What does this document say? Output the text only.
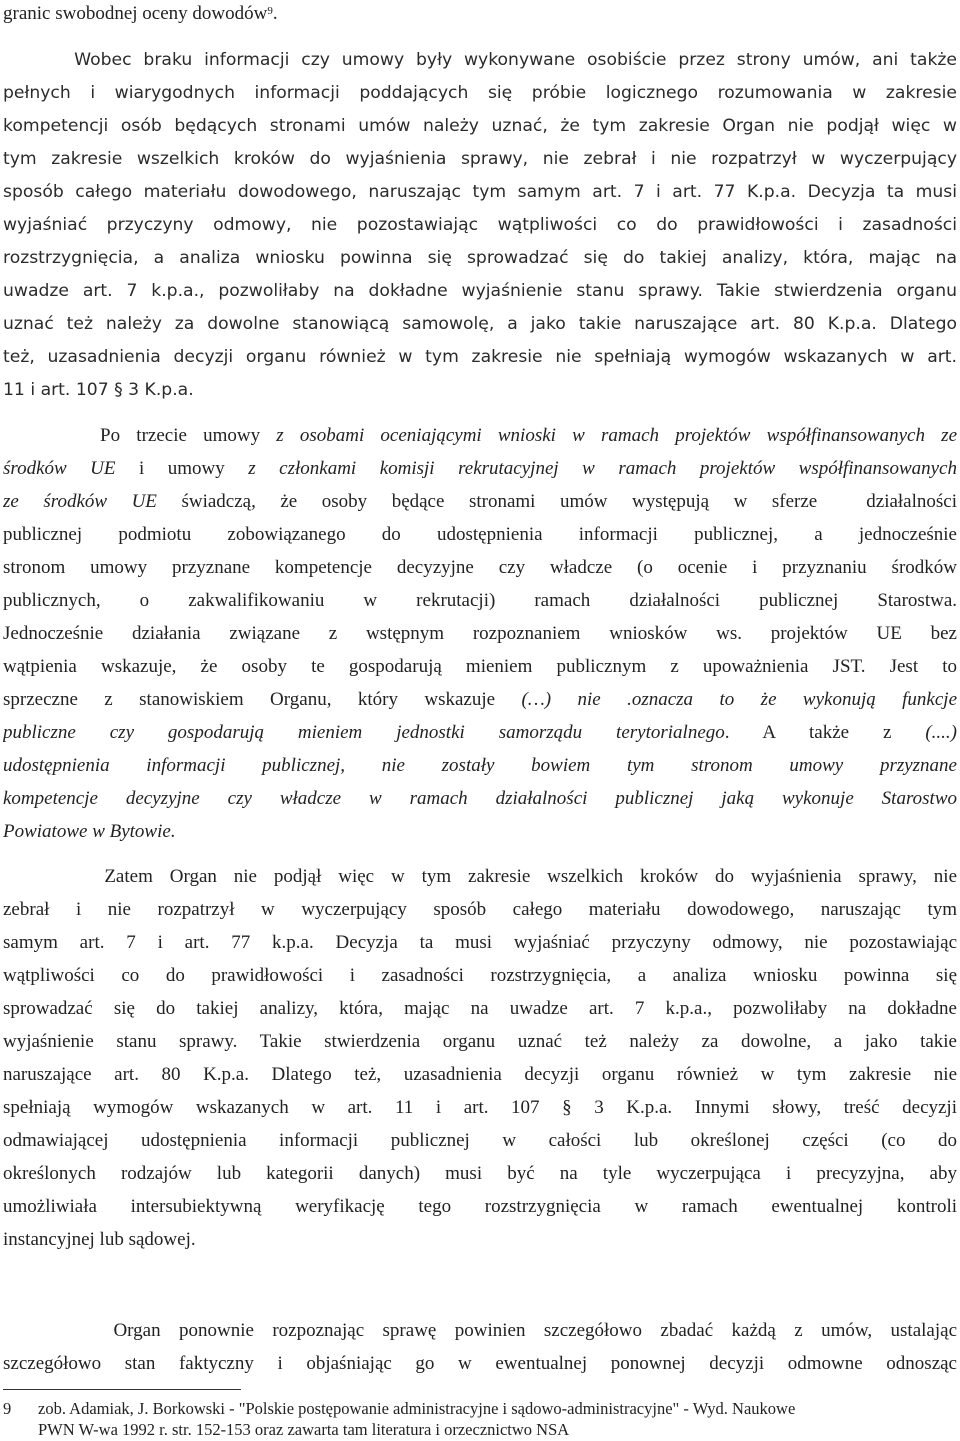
granic swobodnej oceny dowodów$^9$.
Wobec braku informacji czy umowy były wykonywane osobiście przez strony umów, ani także
pełnych i wiarygodnych informacji poddających się próbie logicznego rozumowania w zakresie
kompetencji osób będących stronami umów należy uznać, że tym zakresie Organ nie podjął więc w
tym zakresie wszelkich kroków do wyjaśnienia sprawy, nie zebrał i nie rozpatrzył w wyczerpujący
sposób całego materiału dowodowego, naruszając tym samym art. 7 i art. 77 K.p.a. Decyzja ta musi
wyjaśniać przyczyny odmowy, nie pozostawiając wątpliwości co do prawidłowości i zasadności
rozstrzygnięcia, a analiza wniosku powinna się sprowadzać się do takiej analizy, która, mając na
uwadze art. 7 k.p.a., pozwoliłaby na dokładne wyjaśnienie stanu sprawy. Takie stwierdzenia organu
uznać też należy za dowolne stanowiącą samowolę, a jako takie naruszające art. 80 K.p.a. Dlatego
też, uzasadnienia decyzji organu również w tym zakresie nie spełniają wymogów wskazanych w art.
11 i art. 107 § 3 K.p.a.
Po trzecie umowy z osobami oceniającymi wnioski w ramach projektów współfinansowanych ze
środków UE i umowy z członkami komisji rekrutacyjnej w ramach projektów współfinansowanych
ze środków UE świadczą, że osoby będące stronami umów występują w sferze  działalności
publicznej podmiotu zobowiązanego do udostępnienia informacji publicznej, a jednocześnie
stronom umowy przyznane kompetencje decyzyjne czy władcze (o ocenie i przyznaniu środków
publicznych, o zakwalifikowaniu w rekrutacji) ramach działalności publicznej Starostwa.
Jednocześnie działania związane z wstępnym rozpoznaniem wniosków ws. projektów UE bez
wątpienia wskazuje, że osoby te gospodarują mieniem publicznym z upoważnienia JST. Jest to
sprzeczne z stanowiskiem Organu, który wskazuje (…) nie .oznacza to że wykonują funkcje
publiczne czy gospodarują mieniem jednostki samorządu terytorialnego. A także z (....)
udostępnienia informacji publicznej, nie zostały bowiem tym stronom umowy przyznane
kompetencje decyzyjne czy władcze w ramach działalności publicznej jaką wykonuje Starostwo
Powiatowe w Bytowie.
Zatem Organ nie podjął więc w tym zakresie wszelkich kroków do wyjaśnienia sprawy, nie
zebrał i nie rozpatrzył w wyczerpujący sposób całego materiału dowodowego, naruszając tym
samym art. 7 i art. 77 k.p.a. Decyzja ta musi wyjaśniać przyczyny odmowy, nie pozostawiając
wątpliwości co do prawidłowości i zasadności rozstrzygnięcia, a analiza wniosku powinna się
sprowadzać się do takiej analizy, która, mając na uwadze art. 7 k.p.a., pozwoliłaby na dokładne
wyjaśnienie stanu sprawy. Takie stwierdzenia organu uznać też należy za dowolne, a jako takie
naruszające art. 80 K.p.a. Dlatego też, uzasadnienia decyzji organu również w tym zakresie nie
spełniają wymogów wskazanych w art. 11 i art. 107 § 3 K.p.a. Innymi słowy, treść decyzji
odmawiającej udostępnienia informacji publicznej w całości lub określonej części (co do
określonych rodzajów lub kategorii danych) musi być na tyle wyczerpująca i precyzyjna, aby
umożliwiała intersubiektywną weryfikację tego rozstrzygnięcia w ramach ewentualnej kontroli
instancyjnej lub sądowej.
Organ ponownie rozpoznając sprawę powinien szczegółowo zbadać każdą z umów, ustalając
szczegółowo stan faktyczny i objaśniając go w ewentualnej ponownej decyzji odmowne odnosząc
9 zob. Adamiak, J. Borkowski - "Polskie postępowanie administracyjne i sądowo-administracyjne" - Wyd. Naukowe
PWN W-wa 1992 r. str. 152-153 oraz zawarta tam literatura i orzecznictwo NSA
